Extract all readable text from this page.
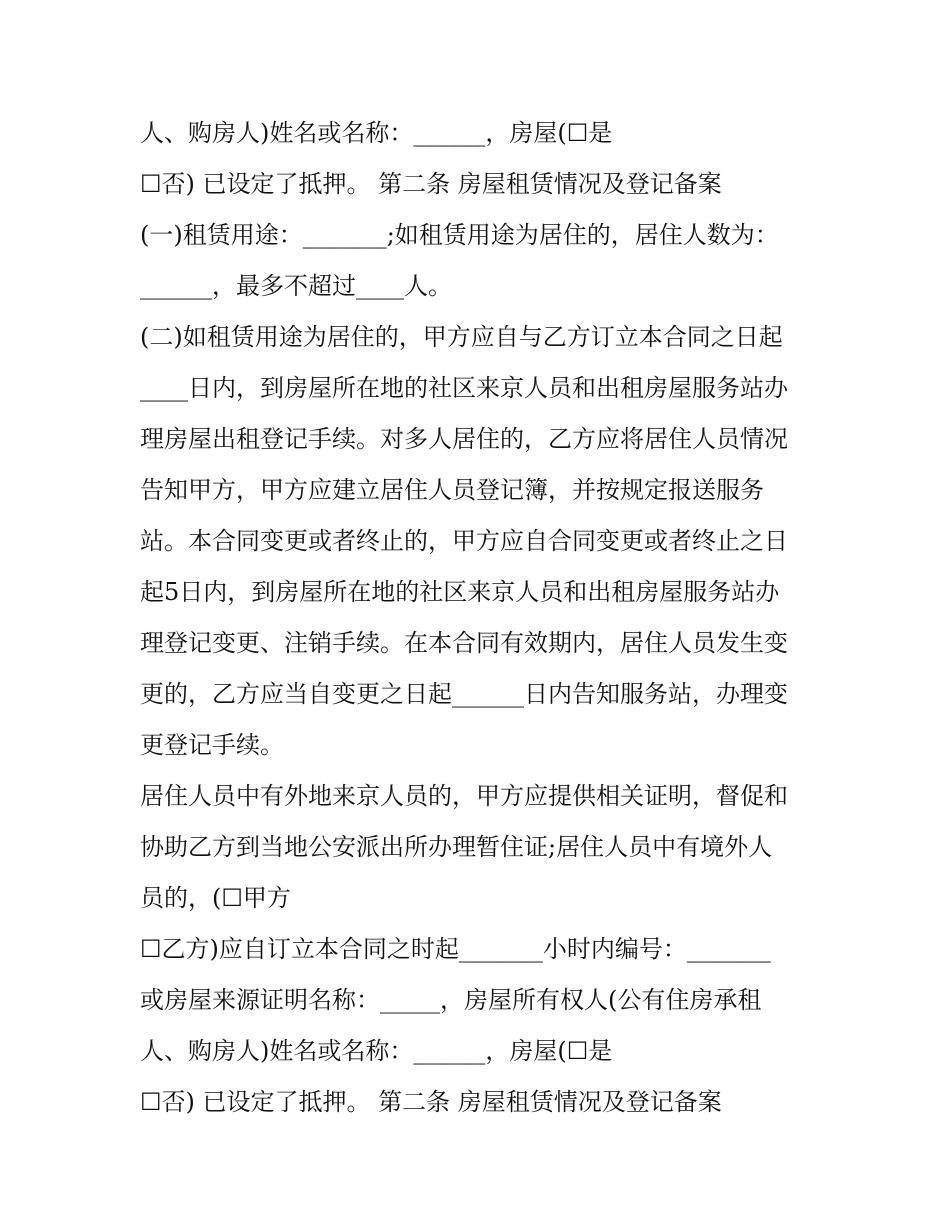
人、购房人)姓名或名称：______，房屋(☐是
☐否) 已设定了抵押。 第二条 房屋租赁情况及登记备案
(一)租赁用途：_______;如租赁用途为居住的，居住人数为：
______，最多不超过____人。
(二)如租赁用途为居住的，甲方应自与乙方订立本合同之日起
____日内，到房屋所在地的社区来京人员和出租房屋服务站办
理房屋出租登记手续。对多人居住的，乙方应将居住人员情况
告知甲方，甲方应建立居住人员登记簿，并按规定报送服务
站。本合同变更或者终止的，甲方应自合同变更或者终止之日
起5日内，到房屋所在地的社区来京人员和出租房屋服务站办
理登记变更、注销手续。在本合同有效期内，居住人员发生变
更的，乙方应当自变更之日起______日内告知服务站，办理变
更登记手续。
居住人员中有外地来京人员的，甲方应提供相关证明，督促和
协助乙方到当地公安派出所办理暂住证;居住人员中有境外人
员的，(☐甲方
☐乙方)应自订立本合同之时起_______小时内编号：_______
或房屋来源证明名称：_____，房屋所有权人(公有住房承租
人、购房人)姓名或名称：______，房屋(☐是
☐否) 已设定了抵押。 第二条 房屋租赁情况及登记备案
